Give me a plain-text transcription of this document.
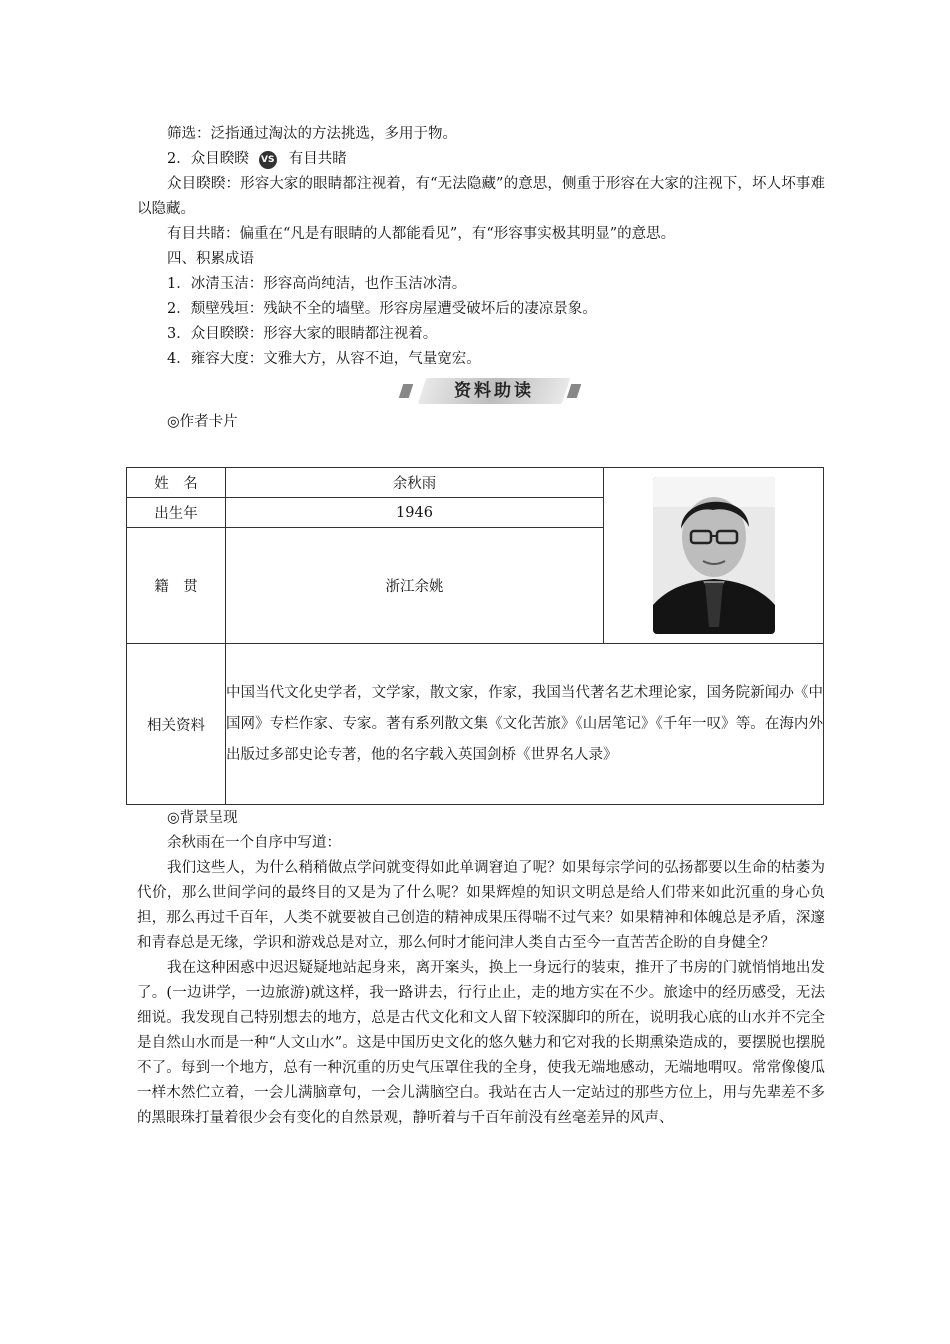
筛选：泛指通过淘汰的方法挑选，多用于物。

2．众目睽睽 VS 有目共睹

众目睽睽：形容大家的眼睛都注视着，有“无法隐藏”的意思，侧重于形容在大家的注视下，坏人坏事难以隐藏。

有目共睹：偏重在“凡是有眼睛的人都能看见”，有“形容事实极其明显”的意思。

四、积累成语

1．冰清玉洁：形容高尚纯洁，也作玉洁冰清。

2．颓壁残垣：残缺不全的墙壁。形容房屋遭受破坏后的凄凉景象。

3．众目睽睽：形容大家的眼睛都注视着。

4．雍容大度：文雅大方，从容不迫，气量宽宏。

资料助读

◎作者卡片

姓　名	余秋雨	

出生年	1946	
籍　贯	浙江余姚	
相关资料	中国当代文化史学者，文学家，散文家，作家，我国当代著名艺术理论家，国务院新闻办《中国网》专栏作家、专家。著有系列散文集《文化苦旅》《山居笔记》《千年一叹》等。在海内外出版过多部史论专著，他的名字载入英国剑桥《世界名人录》	

◎背景呈现

余秋雨在一个自序中写道：

我们这些人，为什么稍稍做点学问就变得如此单调窘迫了呢？如果每宗学问的弘扬都要以生命的枯萎为代价，那么世间学问的最终目的又是为了什么呢？如果辉煌的知识文明总是给人们带来如此沉重的身心负担，那么再过千百年，人类不就要被自己创造的精神成果压得喘不过气来？如果精神和体魄总是矛盾，深邃和青春总是无缘，学识和游戏总是对立，那么何时才能问津人类自古至今一直苦苦企盼的自身健全？

我在这种困惑中迟迟疑疑地站起身来，离开案头，换上一身远行的装束，推开了书房的门就悄悄地出发了。(一边讲学，一边旅游)就这样，我一路讲去，行行止止，走的地方实在不少。旅途中的经历感受，无法细说。我发现自己特别想去的地方，总是古代文化和文人留下较深脚印的所在，说明我心底的山水并不完全是自然山水而是一种“人文山水”。这是中国历史文化的悠久魅力和它对我的长期熏染造成的，要摆脱也摆脱不了。每到一个地方，总有一种沉重的历史气压罩住我的全身，使我无端地感动，无端地喟叹。常常像傻瓜一样木然伫立着，一会儿满脑章句，一会儿满脑空白。我站在古人一定站过的那些方位上，用与先辈差不多的黑眼珠打量着很少会有变化的自然景观，静听着与千百年前没有丝毫差异的风声、
